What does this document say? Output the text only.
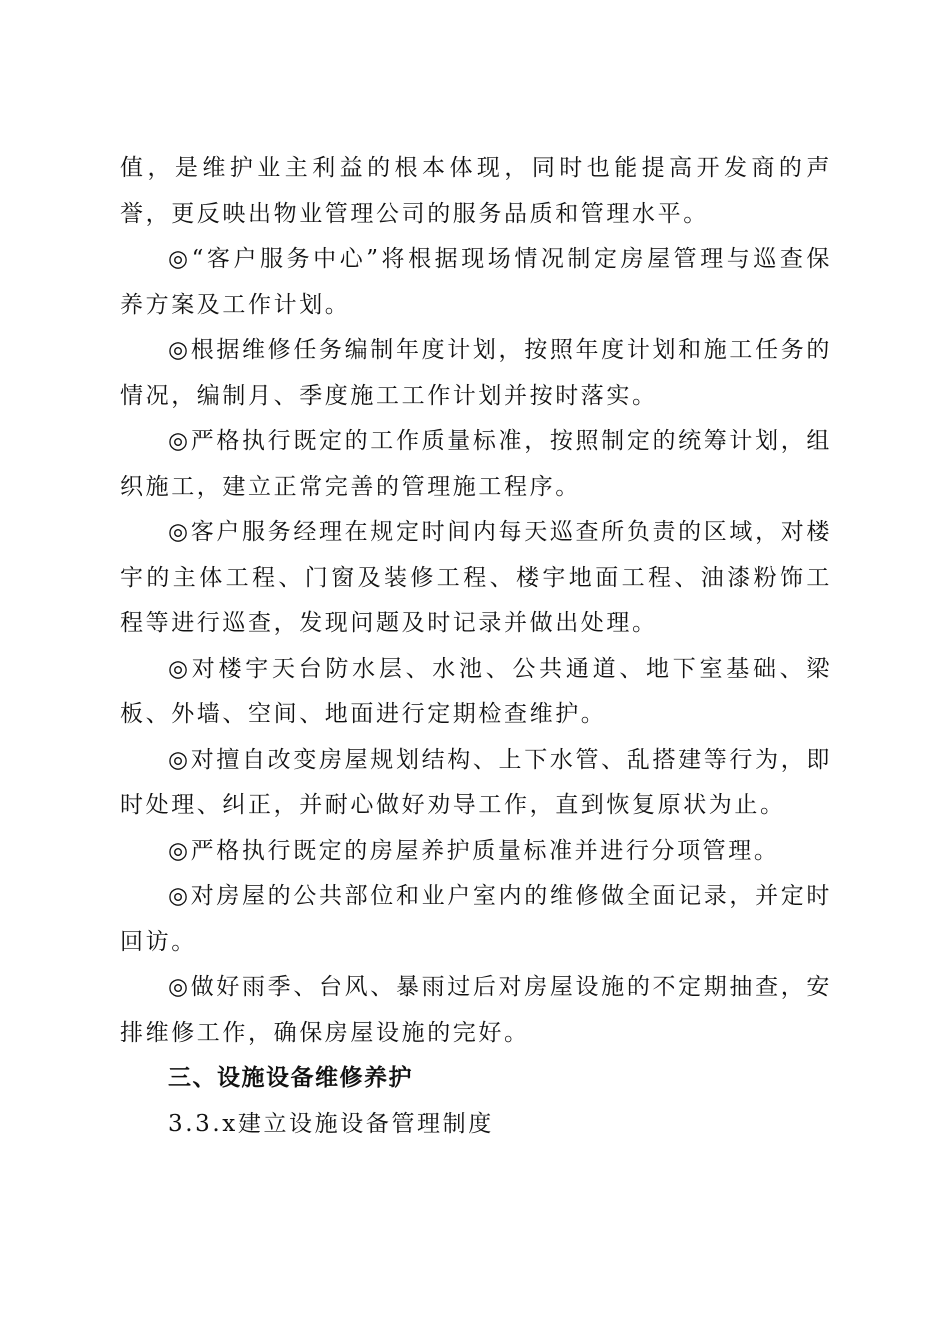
值，是维护业主利益的根本体现，同时也能提高开发商的声誉，更反映出物业管理公司的服务品质和管理水平。

◎“客户服务中心”将根据现场情况制定房屋管理与巡查保养方案及工作计划。

◎根据维修任务编制年度计划，按照年度计划和施工任务的情况，编制月、季度施工工作计划并按时落实。

◎严格执行既定的工作质量标准，按照制定的统筹计划，组织施工，建立正常完善的管理施工程序。

◎客户服务经理在规定时间内每天巡查所负责的区域，对楼宇的主体工程、门窗及装修工程、楼宇地面工程、油漆粉饰工程等进行巡查，发现问题及时记录并做出处理。

◎对楼宇天台防水层、水池、公共通道、地下室基础、梁板、外墙、空间、地面进行定期检查维护。

◎对擅自改变房屋规划结构、上下水管、乱搭建等行为，即时处理、纠正，并耐心做好劝导工作，直到恢复原状为止。

◎严格执行既定的房屋养护质量标准并进行分项管理。

◎对房屋的公共部位和业户室内的维修做全面记录，并定时回访。

◎做好雨季、台风、暴雨过后对房屋设施的不定期抽查，安排维修工作，确保房屋设施的完好。

三、设施设备维修养护

3.3.x建立设施设备管理制度
